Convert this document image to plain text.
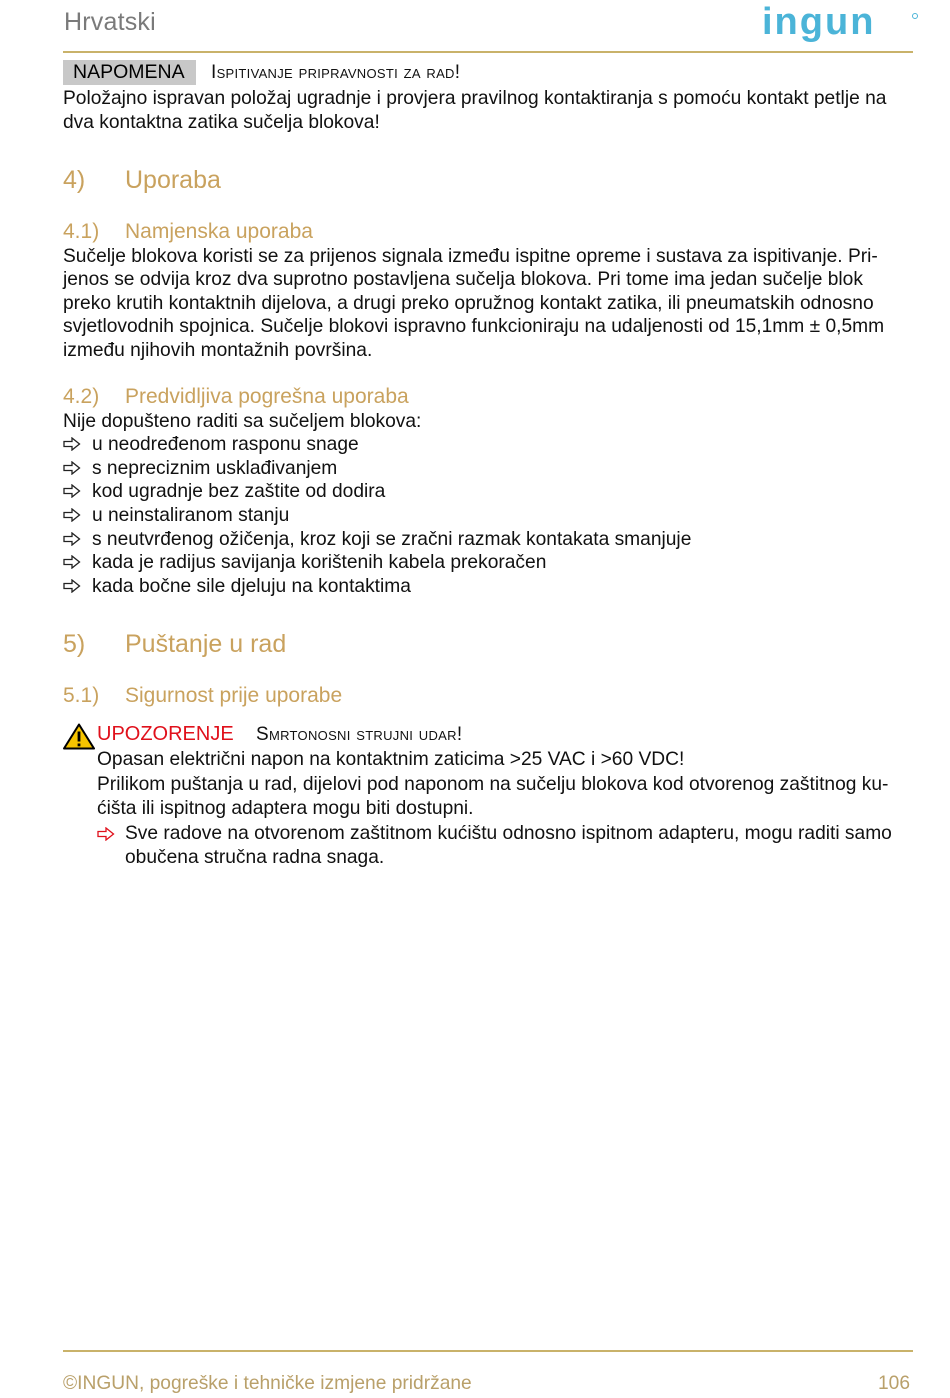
Hrvatski	ingun
NAPOMENA	Ispitivanje pripravnosti za rad!
Položajno ispravan položaj ugradnje i provjera pravilnog kontaktiranja s pomoću kontakt petlje na dva kontaktna zatika sučelja blokova!
4) Uporaba
4.1) Namjenska uporaba
Sučelje blokova koristi se za prijenos signala između ispitne opreme i sustava za ispitivanje. Pri-
jenos se odvija kroz dva suprotno postavljena sučelja blokova. Pri tome ima jedan sučelje blok
preko krutih kontaktnih dijelova, a drugi preko opružnog kontakt zatika, ili pneumatskih odnosno
svjetlovodnih spojnica. Sučelje blokovi ispravno funkcioniraju na udaljenosti od 15,1mm ± 0,5mm
između njihovih montažnih površina.
4.2) Predvidljiva pogrešna uporaba
Nije dopušteno raditi sa sučeljem blokova:
u neodređenom rasponu snage
s nepreciznim usklađivanjem
kod ugradnje bez zaštite od dodira
u neinstaliranom stanju
s neutvrđenog ožičenja, kroz koji se zračni razmak kontakata smanjuje
kada je radijus savijanja korištenih kabela prekoračen
kada bočne sile djeluju na kontaktima
5) Puštanje u rad
5.1) Sigurnost prije uporabe
UPOZORENJE Smrtonosni strujni udar!
Opasan električni napon na kontaktnim zaticima >25 VAC i >60 VDC!
Prilikom puštanja u rad, dijelovi pod naponom na sučelju blokova kod otvorenog zaštitnog ku-
ćišta ili ispitnog adaptera mogu biti dostupni.
Sve radove na otvorenom zaštitnom kućištu odnosno ispitnom adapteru, mogu raditi samo
obučena stručna radna snaga.
©INGUN, pogreške i tehničke izmjene pridržane	106
